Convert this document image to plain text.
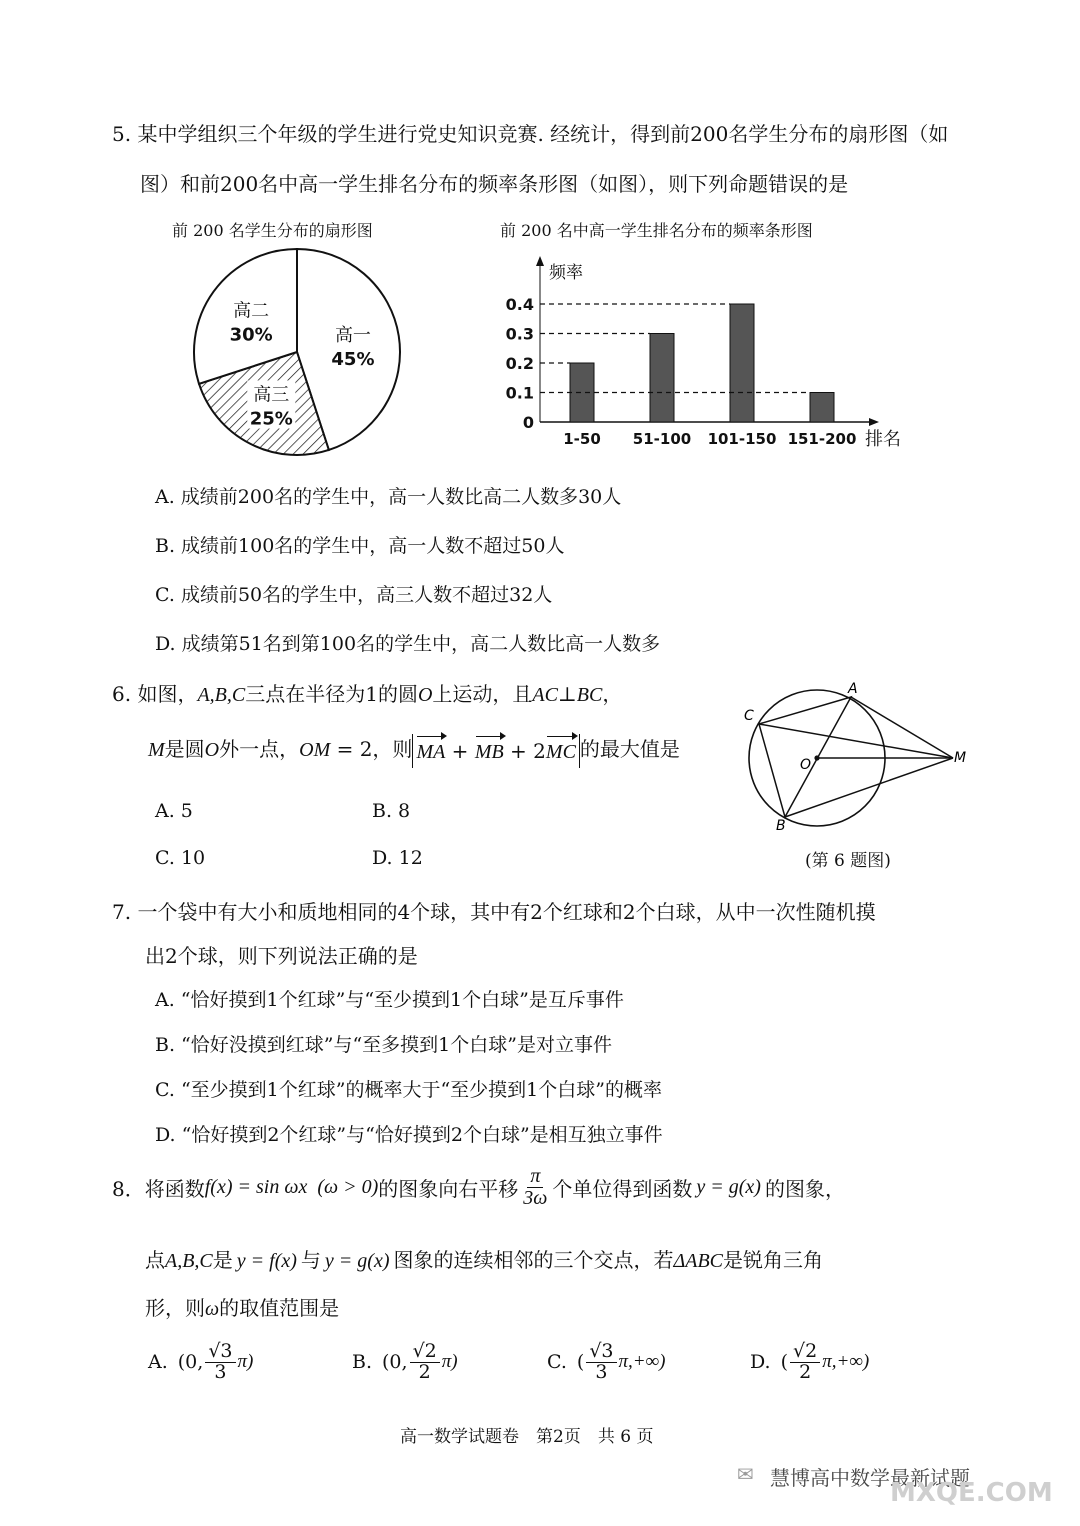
5. 某中学组织三个年级的学生进行党史知识竞赛. 经统计，得到前200名学生分布的扇形图（如
图）和前200名中高一学生排名分布的频率条形图（如图），则下列命题错误的是
前 200 名学生分布的扇形图	前 200 名中高一学生排名分布的频率条形图
高一
45%
高二
30%
高三
25%
频率
0
0.1
0.2
0.3
0.4
1-50 51-100 101-150 151-200 排名
A. 成绩前200名的学生中，高一人数比高二人数多30人
B. 成绩前100名的学生中，高一人数不超过50人
C. 成绩前50名的学生中，高三人数不超过32人
D. 成绩第51名到第100名的学生中，高二人数比高一人数多
6. 如图，A,B,C三点在半径为1的圆O上运动，且AC⊥BC，
M是圆O外一点，OM = 2，则 MA + MB + 2MC 的最大值是
A. 5	B. 8
C. 10	D. 12
A
C
B
O	M
(第 6 题图)
7. 一个袋中有大小和质地相同的4个球，其中有2个红球和2个白球，从中一次性随机摸
出2个球，则下列说法正确的是
A. “恰好摸到1个红球”与“至少摸到1个白球”是互斥事件
B. “恰好没摸到红球”与“至多摸到1个白球”是对立事件
C. “至少摸到1个红球”的概率大于“至少摸到1个白球”的概率
D. “恰好摸到2个红球”与“恰好摸到2个白球”是相互独立事件
8．将函数 f(x) = sin ωx (ω > 0) 的图象向右平移 $\frac{\pi}{3\omega}$ 个单位得到函数 y = g(x) 的图象，
点A,B,C是 y = f(x) 与 y = g(x) 图象的连续相邻的三个交点，若ΔABC是锐角三角
形，则ω的取值范围是
A. (0, $\frac{√3}{3} \pi$)	B. (0, $\frac{√2}{2} \pi$)	C. ( $\frac{√3}{3} \pi,+\infty$)	D. ( $\frac{√2}{2} \pi,+\infty$)
高一数学试题卷　第2页　共 6 页
✉ 慧博高中数学最新试题
MXQE.COM
